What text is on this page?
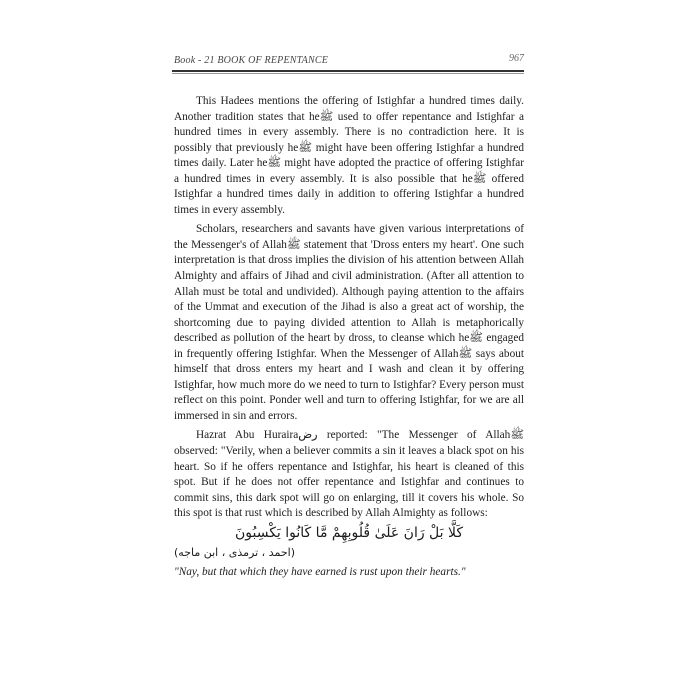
Book - 21 BOOK OF REPENTANCE	967

This Hadees mentions the offering of Istighfar a hundred times daily. Another tradition states that heﷺ used to offer repentance and Istighfar a hundred times in every assembly. There is no contradiction here. It is possibly that previously heﷺ might have been offering Istighfar a hundred times daily. Later heﷺ might have adopted the practice of offering Istighfar a hundred times in every assembly. It is also possible that heﷺ offered Istighfar a hundred times daily in addition to offering Istighfar a hundred times in every assembly.

Scholars, researchers and savants have given various interpretations of the Messenger's of Allahﷺ statement that 'Dross enters my heart'. One such interpretation is that dross implies the division of his attention between Allah Almighty and affairs of Jihad and civil administration. (After all attention to Allah must be total and undivided). Although paying attention to the affairs of the Ummat and execution of the Jihad is also a great act of worship, the shortcoming due to paying divided attention to Allah is metaphorically described as pollution of the heart by dross, to cleanse which heﷺ engaged in frequently offering Istighfar. When the Messenger of Allahﷺ says about himself that dross enters my heart and I wash and clean it by offering Istighfar, how much more do we need to turn to Istighfar? Every person must reflect on this point. Ponder well and turn to offering Istighfar, for we are all immersed in sin and errors.

Hazrat Abu Hurairaرض reported: "The Messenger of Allahﷺ observed: "Verily, when a believer commits a sin it leaves a black spot on his heart. So if he offers repentance and Istighfar, his heart is cleaned of this spot. But if he does not offer repentance and Istighfar and continues to commit sins, this dark spot will go on enlarging, till it covers his whole. So this spot is that rust which is described by Allah Almighty as follows:

كَلَّا بَلْ رَانَ عَلَىٰ قُلُوبِهِمْ مَّا كَانُوا يَكْسِبُونَ

(احمد ، ترمذی ، ابن ماجه)

"Nay, but that which they have earned is rust upon their hearts."
